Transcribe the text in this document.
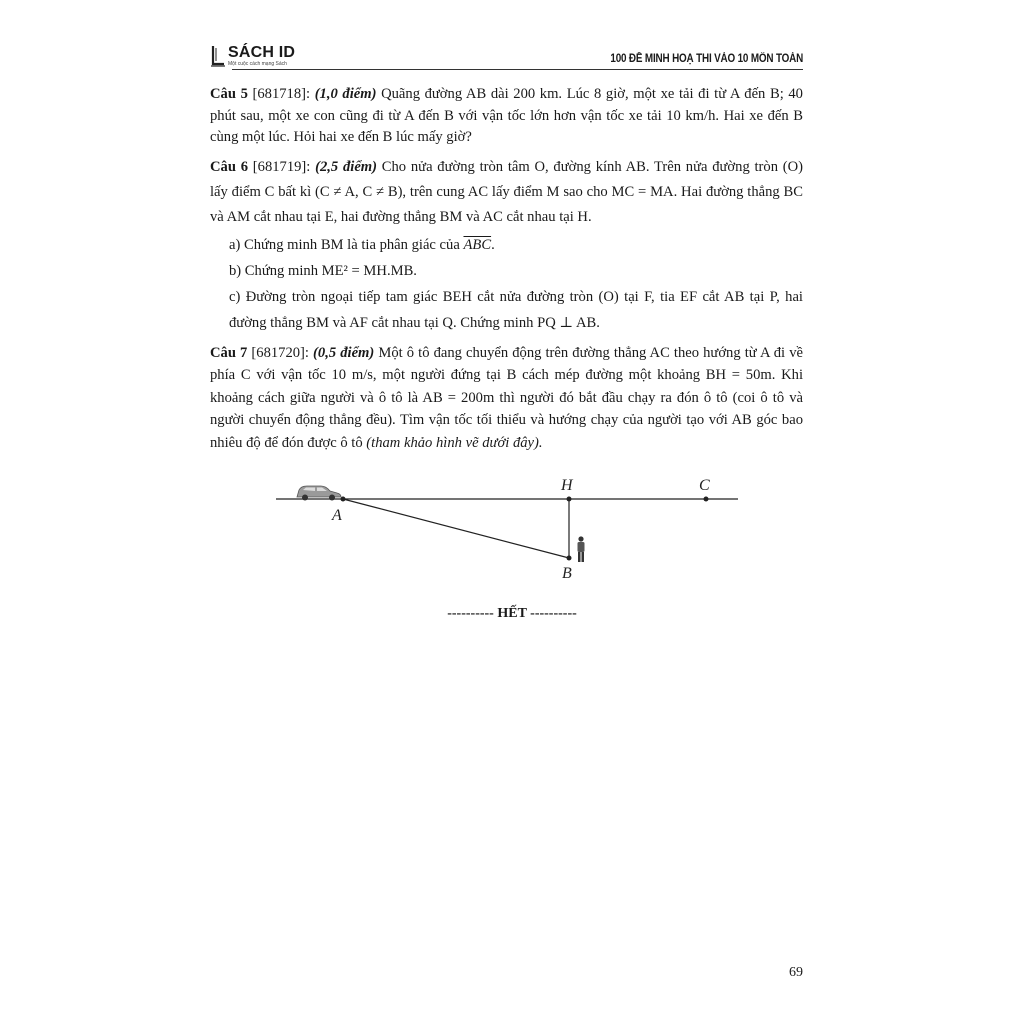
SÁCH ID
Một cuộc cách mạng Sách	100 ĐỀ MINH HOẠ THI VÀO 10 MÔN TOÁN

Câu 5 [681718]: (1,0 điểm) Quãng đường AB dài 200 km. Lúc 8 giờ, một xe tải đi từ A đến B; 40 phút sau, một xe con cũng đi từ A đến B với vận tốc lớn hơn vận tốc xe tải 10 km/h. Hai xe đến B cùng một lúc. Hỏi hai xe đến B lúc mấy giờ?

Câu 6 [681719]: (2,5 điểm) Cho nửa đường tròn tâm O, đường kính AB. Trên nửa đường tròn (O) lấy điểm C bất kì (C ≠ A, C ≠ B), trên cung AC lấy điểm M sao cho MC = MA. Hai đường thẳng BC và AM cắt nhau tại E, hai đường thẳng BM và AC cắt nhau tại H.

a) Chứng minh BM là tia phân giác của $\overline{ABC}$.

b) Chứng minh ME² = MH.MB.

c) Đường tròn ngoại tiếp tam giác BEH cắt nửa đường tròn (O) tại F, tia EF cắt AB tại P, hai đường thẳng BM và AF cắt nhau tại Q. Chứng minh PQ ⊥ AB.

Câu 7 [681720]: (0,5 điểm) Một ô tô đang chuyển động trên đường thẳng AC theo hướng từ A đi về phía C với vận tốc 10 m/s, một người đứng tại B cách mép đường một khoảng BH = 50m. Khi khoảng cách giữa người và ô tô là AB = 200m thì người đó bắt đầu chạy ra đón ô tô (coi ô tô và người chuyển động thẳng đều). Tìm vận tốc tối thiểu và hướng chạy của người tạo với AB góc bao nhiêu độ để đón được ô tô (tham khảo hình vẽ dưới đây).

A
H	C
B
---------- HẾT ----------
69
